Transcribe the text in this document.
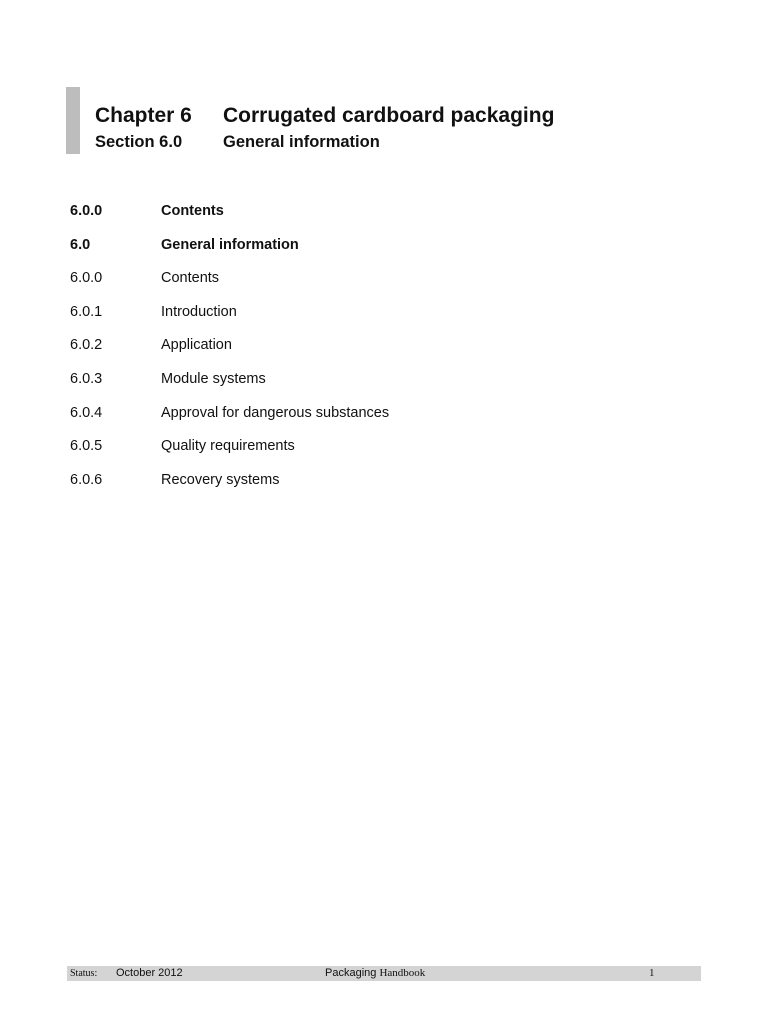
Chapter 6 Corrugated cardboard packaging
Section 6.0 General information
6.0.0	Contents
6.0	General information
6.0.0	Contents
6.0.1	Introduction
6.0.2	Application
6.0.3	Module systems
6.0.4	Approval for dangerous substances
6.0.5	Quality requirements
6.0.6	Recovery systems
Status: October 2012	Packaging Handbook	1
